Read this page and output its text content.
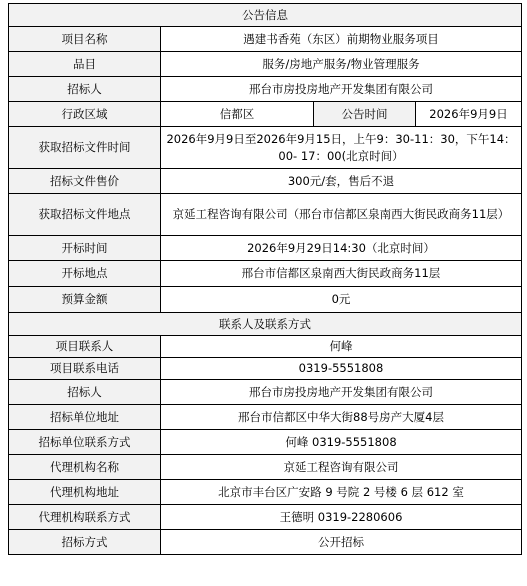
公告信息			
项目名称	遇建书香苑（东区）前期物业服务项目		
品目	服务/房地产服务/物业管理服务		
招标人	邢台市房投房地产开发集团有限公司		
行政区域	信都区	公告时间	2026年9月9日
获取招标文件时间	2026年9月9日至2026年9月15日，上午9：30-11：30，下午14：00- 17：00(北京时间）		
招标文件售价	300元/套，售后不退		
获取招标文件地点	京延工程咨询有限公司（邢台市信都区泉南西大街民政商务11层）		
开标时间	2026年9月29日14:30（北京时间）		
开标地点	邢台市信都区泉南西大街民政商务11层		
预算金额	0元		
联系人及联系方式			
项目联系人	何峰		
项目联系电话	0319-5551808		
招标人	邢台市房投房地产开发集团有限公司		
招标单位地址	邢台市信都区中华大街88号房产大厦4层		
招标单位联系方式	何峰 0319-5551808		
代理机构名称	京延工程咨询有限公司		
代理机构地址	北京市丰台区广安路 9 号院 2 号楼 6 层 612 室		
代理机构联系方式	王德明 0319-2280606		
招标方式	公开招标		
